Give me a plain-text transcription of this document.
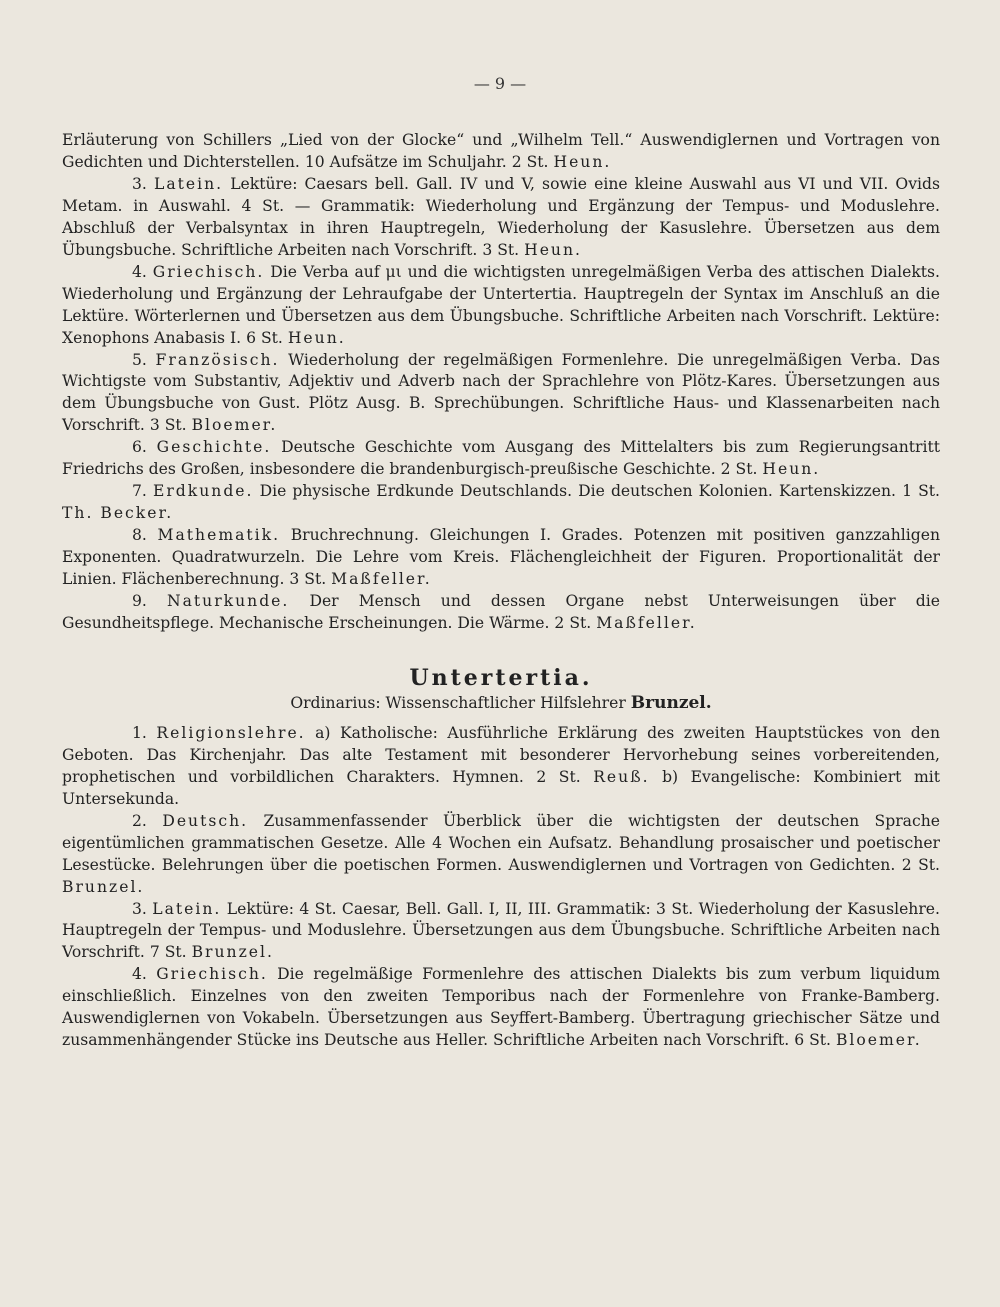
— 9 —

Erläuterung von Schillers „Lied von der Glocke“ und „Wilhelm Tell.“ Auswendiglernen und Vortragen von Gedichten und Dichterstellen. 10 Aufsätze im Schuljahr. 2 St. Heun.

3. Latein. Lektüre: Caesars bell. Gall. IV und V, sowie eine kleine Auswahl aus VI und VII. Ovids Metam. in Auswahl. 4 St. — Grammatik: Wiederholung und Ergänzung der Tempus- und Moduslehre. Abschluß der Verbalsyntax in ihren Hauptregeln, Wiederholung der Kasuslehre. Übersetzen aus dem Übungsbuche. Schriftliche Arbeiten nach Vorschrift. 3 St. Heun.

4. Griechisch. Die Verba auf μι und die wichtigsten unregelmäßigen Verba des attischen Dialekts. Wiederholung und Ergänzung der Lehraufgabe der Untertertia. Hauptregeln der Syntax im Anschluß an die Lektüre. Wörterlernen und Übersetzen aus dem Übungsbuche. Schriftliche Arbeiten nach Vorschrift. Lektüre: Xenophons Anabasis I. 6 St. Heun.

5. Französisch. Wiederholung der regelmäßigen Formenlehre. Die unregelmäßigen Verba. Das Wichtigste vom Substantiv, Adjektiv und Adverb nach der Sprachlehre von Plötz-Kares. Übersetzungen aus dem Übungsbuche von Gust. Plötz Ausg. B. Sprechübungen. Schriftliche Haus- und Klassenarbeiten nach Vorschrift. 3 St. Bloemer.

6. Geschichte. Deutsche Geschichte vom Ausgang des Mittelalters bis zum Regierungsantritt Friedrichs des Großen, insbesondere die brandenburgisch-preußische Geschichte. 2 St. Heun.

7. Erdkunde. Die physische Erdkunde Deutschlands. Die deutschen Kolonien. Kartenskizzen. 1 St. Th. Becker.

8. Mathematik. Bruchrechnung. Gleichungen I. Grades. Potenzen mit positiven ganzzahligen Exponenten. Quadratwurzeln. Die Lehre vom Kreis. Flächengleichheit der Figuren. Proportionalität der Linien. Flächenberechnung. 3 St. Maßfeller.

9. Naturkunde. Der Mensch und dessen Organe nebst Unterweisungen über die Gesundheitspflege. Mechanische Erscheinungen. Die Wärme. 2 St. Maßfeller.

Untertertia.

Ordinarius: Wissenschaftlicher Hilfslehrer Brunzel.

1. Religionslehre. a) Katholische: Ausführliche Erklärung des zweiten Hauptstückes von den Geboten. Das Kirchenjahr. Das alte Testament mit besonderer Hervorhebung seines vorbereitenden, prophetischen und vorbildlichen Charakters. Hymnen. 2 St. Reuß. b) Evangelische: Kombiniert mit Untersekunda.

2. Deutsch. Zusammenfassender Überblick über die wichtigsten der deutschen Sprache eigentümlichen grammatischen Gesetze. Alle 4 Wochen ein Aufsatz. Behandlung prosaischer und poetischer Lesestücke. Belehrungen über die poetischen Formen. Auswendiglernen und Vortragen von Gedichten. 2 St. Brunzel.

3. Latein. Lektüre: 4 St. Caesar, Bell. Gall. I, II, III. Grammatik: 3 St. Wiederholung der Kasuslehre. Hauptregeln der Tempus- und Moduslehre. Übersetzungen aus dem Übungsbuche. Schriftliche Arbeiten nach Vorschrift. 7 St. Brunzel.

4. Griechisch. Die regelmäßige Formenlehre des attischen Dialekts bis zum verbum liquidum einschließlich. Einzelnes von den zweiten Temporibus nach der Formenlehre von Franke-Bamberg. Auswendiglernen von Vokabeln. Übersetzungen aus Seyffert-Bamberg. Übertragung griechischer Sätze und zusammenhängender Stücke ins Deutsche aus Heller. Schriftliche Arbeiten nach Vorschrift. 6 St. Bloemer.
